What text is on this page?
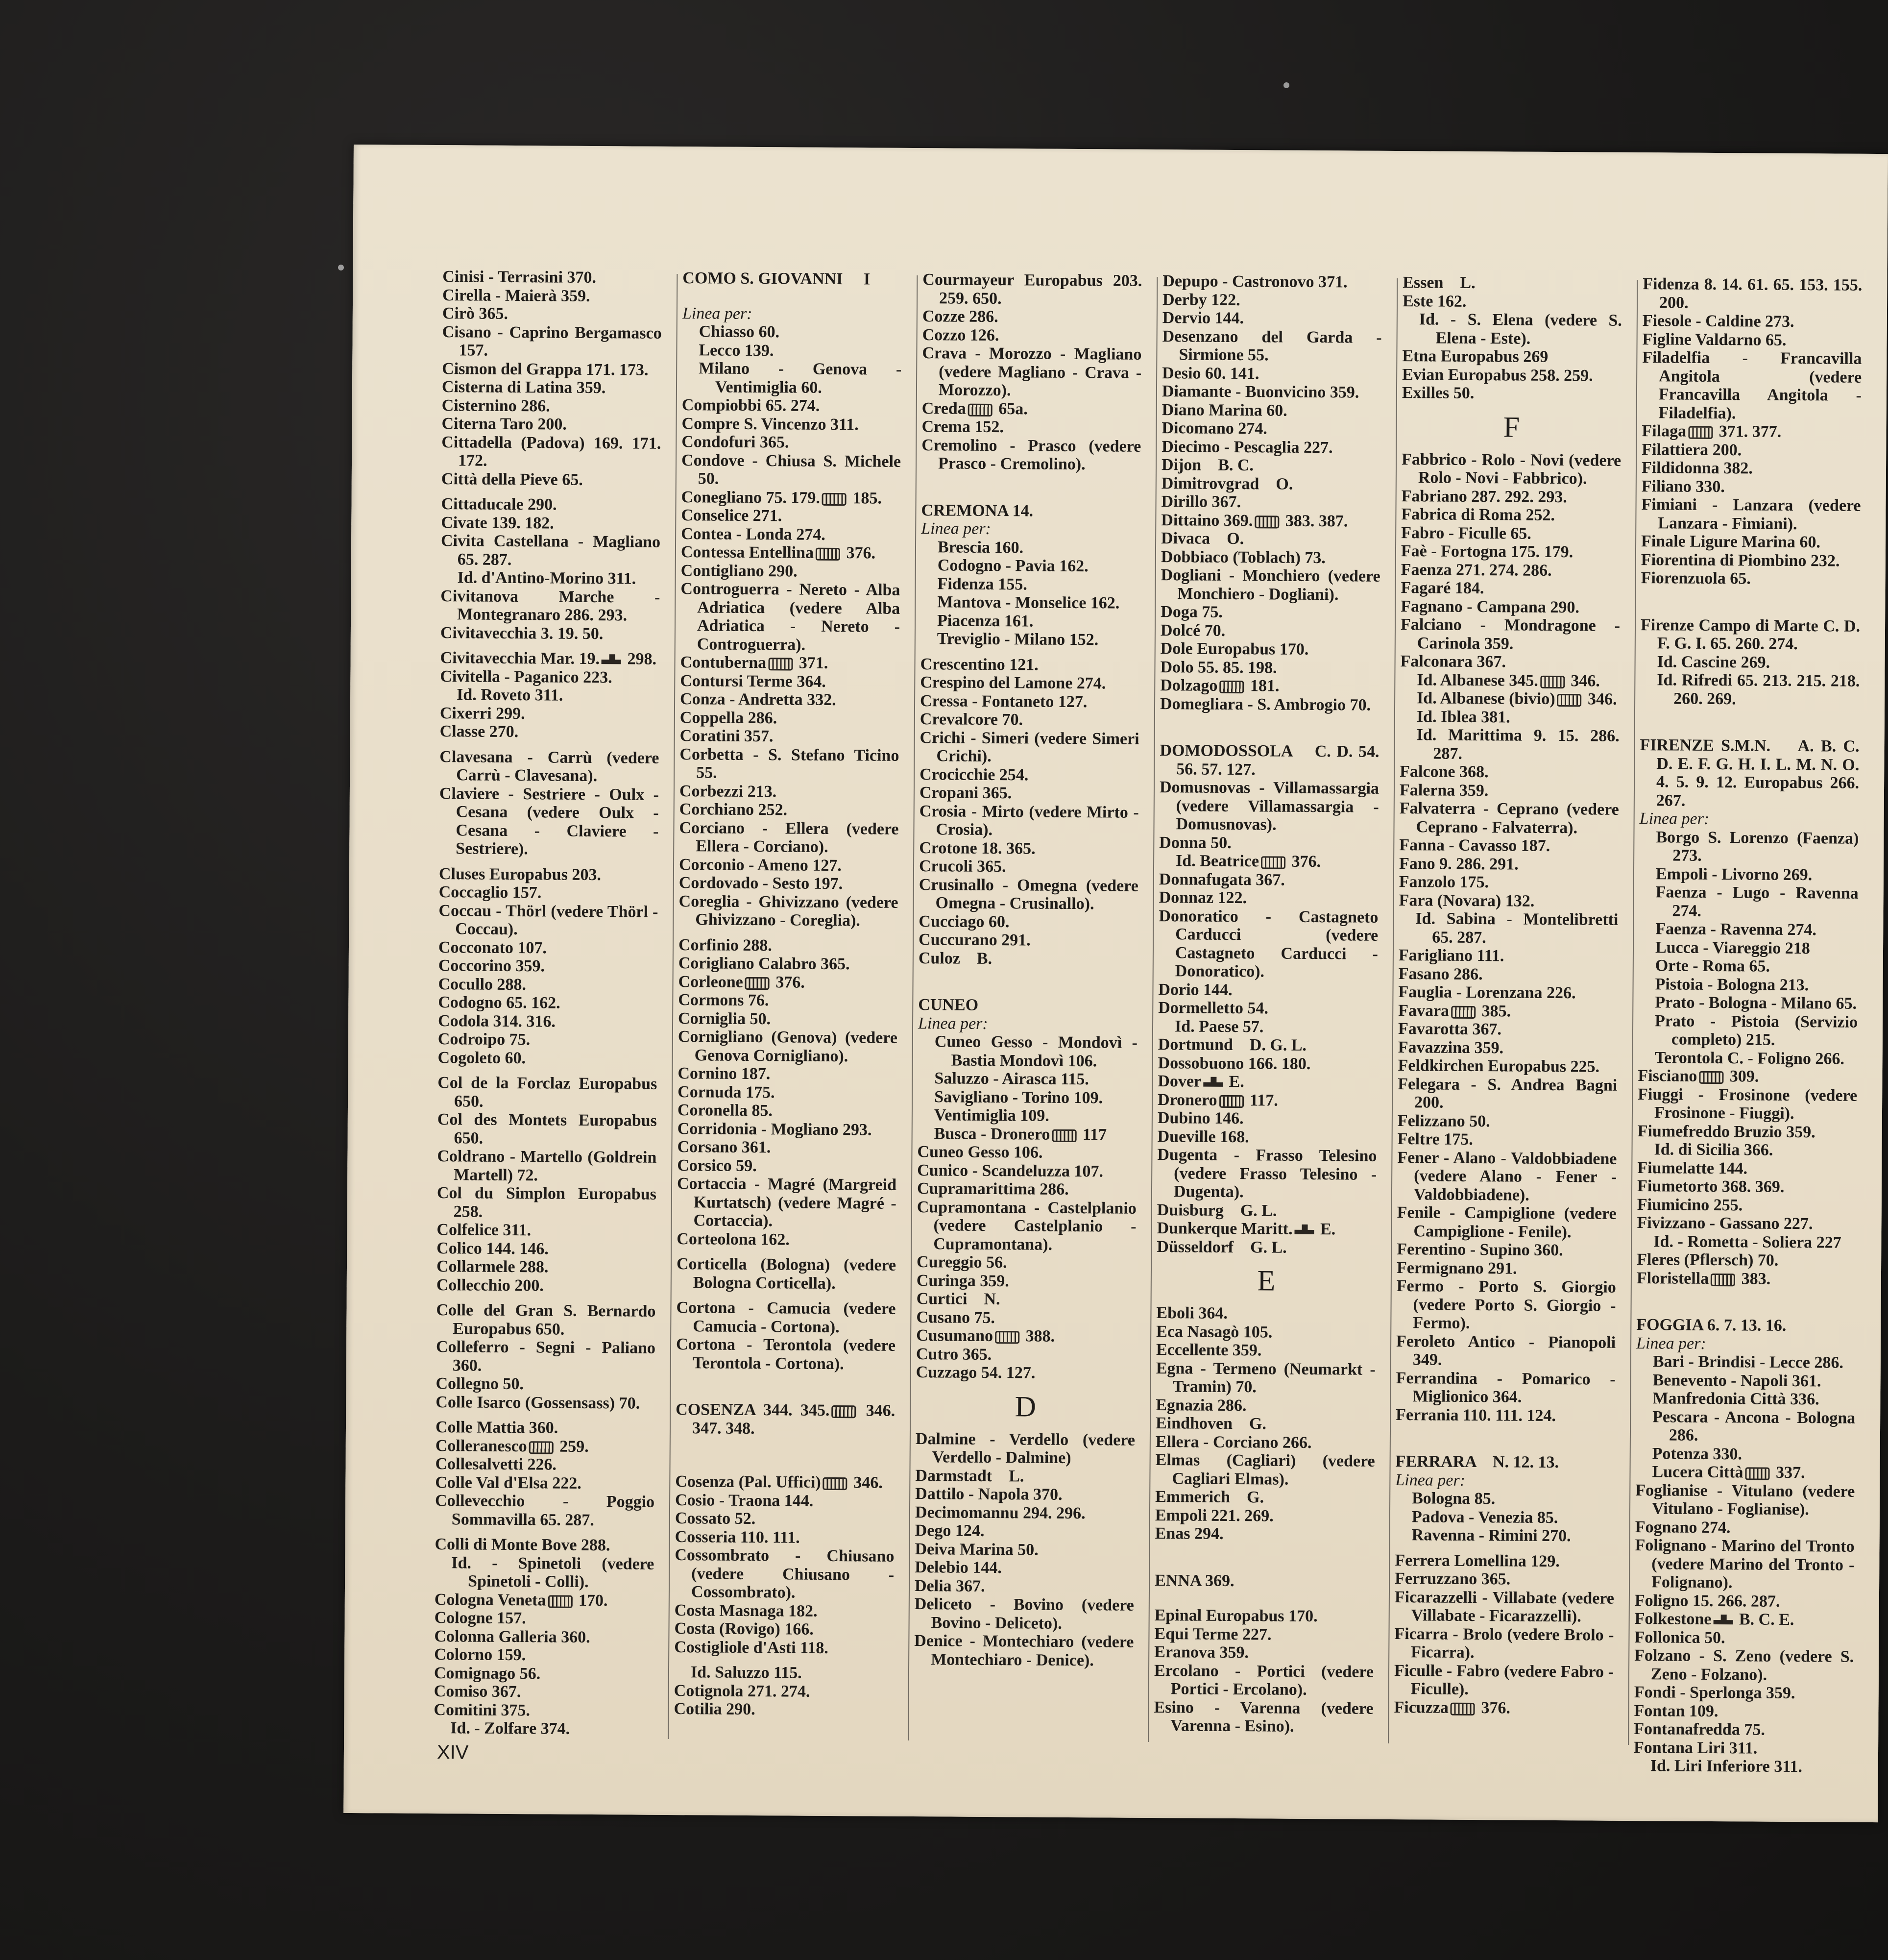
Cinisi - Terrasini 370.

Cirella - Maierà 359.

Cirò 365.

Cisano - Caprino Bergamasco 157.

Cismon del Grappa 171. 173.

Cisterna di Latina 359.

Cisternino 286.

Citerna Taro 200.

Cittadella (Padova) 169. 171. 172.

Città della Pieve 65.

Cittaducale 290.

Civate 139. 182.

Civita Castellana - Magliano 65. 287.

Id. d'Antino-Morino 311.

Civitanova Marche - Montegranaro 286. 293.

Civitavecchia 3. 19. 50.

Civitavecchia Mar. 19. 298.

Civitella - Paganico 223.

Id. Roveto 311.

Cixerri 299.

Classe 270.

Clavesana - Carrù (vedere Carrù - Clavesana).

Claviere - Sestriere - Oulx - Cesana (vedere Oulx - Cesana - Claviere - Sestriere).

Cluses Europabus 203.

Coccaglio 157.

Coccau - Thörl (vedere Thörl - Coccau).

Cocconato 107.

Coccorino 359.

Cocullo 288.

Codogno 65. 162.

Codola 314. 316.

Codroipo 75.

Cogoleto 60.

Col de la Forclaz Europabus 650.

Col des Montets Europabus 650.

Coldrano - Martello (Goldrein Martell) 72.

Col du Simplon Europabus 258.

Colfelice 311.

Colico 144. 146.

Collarmele 288.

Collecchio 200.

Colle del Gran S. Bernardo Europabus 650.

Colleferro - Segni - Paliano 360.

Collegno 50.

Colle Isarco (Gossensass) 70.

Colle Mattia 360.

Colleranesco 259.

Collesalvetti 226.

Colle Val d'Elsa 222.

Collevecchio - Poggio Sommavilla 65. 287.

Colli di Monte Bove 288.

Id. - Spinetoli (vedere Spinetoli - Colli).

Cologna Veneta 170.

Cologne 157.

Colonna Galleria 360.

Colorno 159.

Comignago 56.

Comiso 367.

Comitini 375.

Id. - Zolfare 374.

COMO S. GIOVANNI     I

Linea per:

Chiasso 60.

Lecco 139.

Milano - Genova - Ventimiglia 60.

Compiobbi 65. 274.

Compre S. Vincenzo 311.

Condofuri 365.

Condove - Chiusa S. Michele 50.

Conegliano 75. 179. 185.

Conselice 271.

Contea - Londa 274.

Contessa Entellina 376.

Contigliano 290.

Controguerra - Nereto - Alba Adriatica (vedere Alba Adriatica - Nereto - Controguerra).

Contuberna 371.

Contursi Terme 364.

Conza - Andretta 332.

Coppella 286.

Coratini 357.

Corbetta - S. Stefano Ticino 55.

Corbezzi 213.

Corchiano 252.

Corciano - Ellera (vedere Ellera - Corciano).

Corconio - Ameno 127.

Cordovado - Sesto 197.

Coreglia - Ghivizzano (vedere Ghivizzano - Coreglia).

Corfinio 288.

Corigliano Calabro 365.

Corleone 376.

Cormons 76.

Corniglia 50.

Cornigliano (Genova) (vedere Genova Cornigliano).

Cornino 187.

Cornuda 175.

Coronella 85.

Corridonia - Mogliano 293.

Corsano 361.

Corsico 59.

Cortaccia - Magré (Margreid Kurtatsch) (vedere Magré - Cortaccia).

Corteolona 162.

Corticella (Bologna) (vedere Bologna Corticella).

Cortona - Camucia (vedere Camucia - Cortona).

Cortona - Terontola (vedere Terontola - Cortona).

COSENZA 344. 345. 346. 347. 348.

Cosenza (Pal. Uffici) 346.

Cosio - Traona 144.

Cossato 52.

Cosseria 110. 111.

Cossombrato - Chiusano (vedere Chiusano - Cossombrato).

Costa Masnaga 182.

Costa (Rovigo) 166.

Costigliole d'Asti 118.

Id. Saluzzo 115.

Cotignola 271. 274.

Cotilia 290.

Courmayeur Europabus 203. 259. 650.

Cozze 286.

Cozzo 126.

Crava - Morozzo - Magliano (vedere Magliano - Crava - Morozzo).

Creda 65a.

Crema 152.

Cremolino - Prasco (vedere Prasco - Cremolino).

CREMONA 14.

Linea per:

Brescia 160.

Codogno - Pavia 162.

Fidenza 155.

Mantova - Monselice 162.

Piacenza 161.

Treviglio - Milano 152.

Crescentino 121.

Crespino del Lamone 274.

Cressa - Fontaneto 127.

Crevalcore 70.

Crichi - Simeri (vedere Simeri Crichi).

Crocicchie 254.

Cropani 365.

Crosia - Mirto (vedere Mirto - Crosia).

Crotone 18. 365.

Crucoli 365.

Crusinallo - Omegna (vedere Omegna - Crusinallo).

Cucciago 60.

Cuccurano 291.

Culoz    B.

CUNEO

Linea per:

Cuneo Gesso - Mondovì - Bastia Mondovì 106.

Saluzzo - Airasca 115.

Savigliano - Torino 109.

Ventimiglia 109.

Busca - Dronero 117

Cuneo Gesso 106.

Cunico - Scandeluzza 107.

Cupramarittima 286.

Cupramontana - Castelplanio (vedere Castelplanio - Cupramontana).

Cureggio 56.

Curinga 359.

Curtici    N.

Cusano 75.

Cusumano 388.

Cutro 365.

Cuzzago 54. 127.

D

Dalmine - Verdello (vedere Verdello - Dalmine)

Darmstadt    L.

Dattilo - Napola 370.

Decimomannu 294. 296.

Dego 124.

Deiva Marina 50.

Delebio 144.

Delia 367.

Deliceto - Bovino (vedere Bovino - Deliceto).

Denice - Montechiaro (vedere Montechiaro - Denice).

Depupo - Castronovo 371.

Derby 122.

Dervio 144.

Desenzano del Garda - Sirmione 55.

Desio 60. 141.

Diamante - Buonvicino 359.

Diano Marina 60.

Dicomano 274.

Diecimo - Pescaglia 227.

Dijon    B. C.

Dimitrovgrad    O.

Dirillo 367.

Dittaino 369. 383. 387.

Divaca    O.

Dobbiaco (Toblach) 73.

Dogliani - Monchiero (vedere Monchiero - Dogliani).

Doga 75.

Dolcé 70.

Dole Europabus 170.

Dolo 55. 85. 198.

Dolzago 181.

Domegliara - S. Ambrogio 70.

DOMODOSSOLA    C. D. 54. 56. 57. 127.

Domusnovas - Villamassargia (vedere Villamassargia - Domusnovas).

Donna 50.

Id. Beatrice 376.

Donnafugata 367.

Donnaz 122.

Donoratico - Castagneto Carducci (vedere Castagneto Carducci - Donoratico).

Dorio 144.

Dormelletto 54.

Id. Paese 57.

Dortmund    D. G. L.

Dossobuono 166. 180.

Dover E.

Dronero 117.

Dubino 146.

Dueville 168.

Dugenta - Frasso Telesino (vedere Frasso Telesino - Dugenta).

Duisburg    G. L.

Dunkerque Maritt. E.

Düsseldorf    G. L.

E

Eboli 364.

Eca Nasagò 105.

Eccellente 359.

Egna - Termeno (Neumarkt - Tramin) 70.

Egnazia 286.

Eindhoven    G.

Ellera - Corciano 266.

Elmas (Cagliari) (vedere Cagliari Elmas).

Emmerich    G.

Empoli 221. 269.

Enas 294.

ENNA 369.

Epinal Europabus 170.

Equi Terme 227.

Eranova 359.

Ercolano - Portici (vedere Portici - Ercolano).

Esino - Varenna (vedere Varenna - Esino).

Essen    L.

Este 162.

Id. - S. Elena (vedere S. Elena - Este).

Etna Europabus 269

Evian Europabus 258. 259.

Exilles 50.

F

Fabbrico - Rolo - Novi (vedere Rolo - Novi - Fabbrico).

Fabriano 287. 292. 293.

Fabrica di Roma 252.

Fabro - Ficulle 65.

Faè - Fortogna 175. 179.

Faenza 271. 274. 286.

Fagaré 184.

Fagnano - Campana 290.

Falciano - Mondragone - Carinola 359.

Falconara 367.

Id. Albanese 345. 346.

Id. Albanese (bivio) 346.

Id. Iblea 381.

Id. Marittima 9. 15. 286. 287.

Falcone 368.

Falerna 359.

Falvaterra - Ceprano (vedere Ceprano - Falvaterra).

Fanna - Cavasso 187.

Fano 9. 286. 291.

Fanzolo 175.

Fara (Novara) 132.

Id. Sabina - Montelibretti 65. 287.

Farigliano 111.

Fasano 286.

Fauglia - Lorenzana 226.

Favara 385.

Favarotta 367.

Favazzina 359.

Feldkirchen Europabus 225.

Felegara - S. Andrea Bagni 200.

Felizzano 50.

Feltre 175.

Fener - Alano - Valdobbiadene (vedere Alano - Fener - Valdobbiadene).

Fenile - Campiglione (vedere Campiglione - Fenile).

Ferentino - Supino 360.

Fermignano 291.

Fermo - Porto S. Giorgio (vedere Porto S. Giorgio - Fermo).

Feroleto Antico - Pianopoli 349.

Ferrandina - Pomarico - Miglionico 364.

Ferrania 110. 111. 124.

FERRARA    N. 12. 13.

Linea per:

Bologna 85.

Padova - Venezia 85.

Ravenna - Rimini 270.

Ferrera Lomellina 129.

Ferruzzano 365.

Ficarazzelli - Villabate (vedere Villabate - Ficarazzelli).

Ficarra - Brolo (vedere Brolo - Ficarra).

Ficulle - Fabro (vedere Fabro - Ficulle).

Ficuzza 376.

Fidenza 8. 14. 61. 65. 153. 155. 200.

Fiesole - Caldine 273.

Figline Valdarno 65.

Filadelfia - Francavilla Angitola (vedere Francavilla Angitola - Filadelfia).

Filaga 371. 377.

Filattiera 200.

Fildidonna 382.

Filiano 330.

Fimiani - Lanzara (vedere Lanzara - Fimiani).

Finale Ligure Marina 60.

Fiorentina di Piombino 232.

Fiorenzuola 65.

Firenze Campo di Marte C. D. F. G. I. 65. 260. 274.

Id. Cascine 269.

Id. Rifredi 65. 213. 215. 218. 260. 269.

FIRENZE S.M.N.    A. B. C. D. E. F. G. H. I. L. M. N. O. 4. 5. 9. 12. Europabus 266. 267.

Linea per:

Borgo S. Lorenzo (Faenza) 273.

Empoli - Livorno 269.

Faenza - Lugo - Ravenna 274.

Faenza - Ravenna 274.

Lucca - Viareggio 218

Orte - Roma 65.

Pistoia - Bologna 213.

Prato - Bologna - Milano 65.

Prato - Pistoia (Servizio completo) 215.

Terontola C. - Foligno 266.

Fisciano 309.

Fiuggi - Frosinone (vedere Frosinone - Fiuggi).

Fiumefreddo Bruzio 359.

Id. di Sicilia 366.

Fiumelatte 144.

Fiumetorto 368. 369.

Fiumicino 255.

Fivizzano - Gassano 227.

Id. - Rometta - Soliera 227

Fleres (Pflersch) 70.

Floristella 383.

FOGGIA 6. 7. 13. 16.

Linea per:

Bari - Brindisi - Lecce 286.

Benevento - Napoli 361.

Manfredonia Città 336.

Pescara - Ancona - Bologna 286.

Potenza 330.

Lucera Città 337.

Foglianise - Vitulano (vedere Vitulano - Foglianise).

Fognano 274.

Folignano - Marino del Tronto (vedere Marino del Tronto - Folignano).

Foligno 15. 266. 287.

Folkestone B. C. E.

Follonica 50.

Folzano - S. Zeno (vedere S. Zeno - Folzano).

Fondi - Sperlonga 359.

Fontan 109.

Fontanafredda 75.

Fontana Liri 311.

Id. Liri Inferiore 311.

XIV
